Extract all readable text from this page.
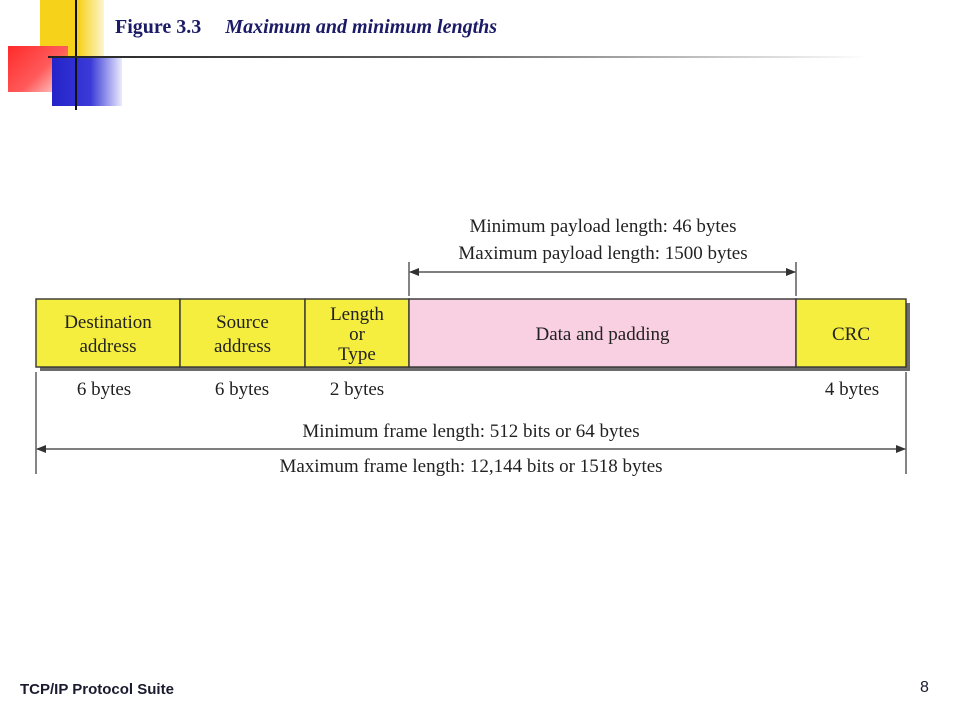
Figure 3.3 Maximum and minimum lengths
Minimum payload length: 46 bytes
Maximum payload length: 1500 bytes
Destination
address
6 bytes
Source
address
6 bytes
Length
or
Type
2 bytes
Data and padding	CRC
4 bytes
Minimum frame length: 512 bits or 64 bytes
Maximum frame length: 12,144 bits or 1518 bytes
TCP/IP Protocol Suite	8
